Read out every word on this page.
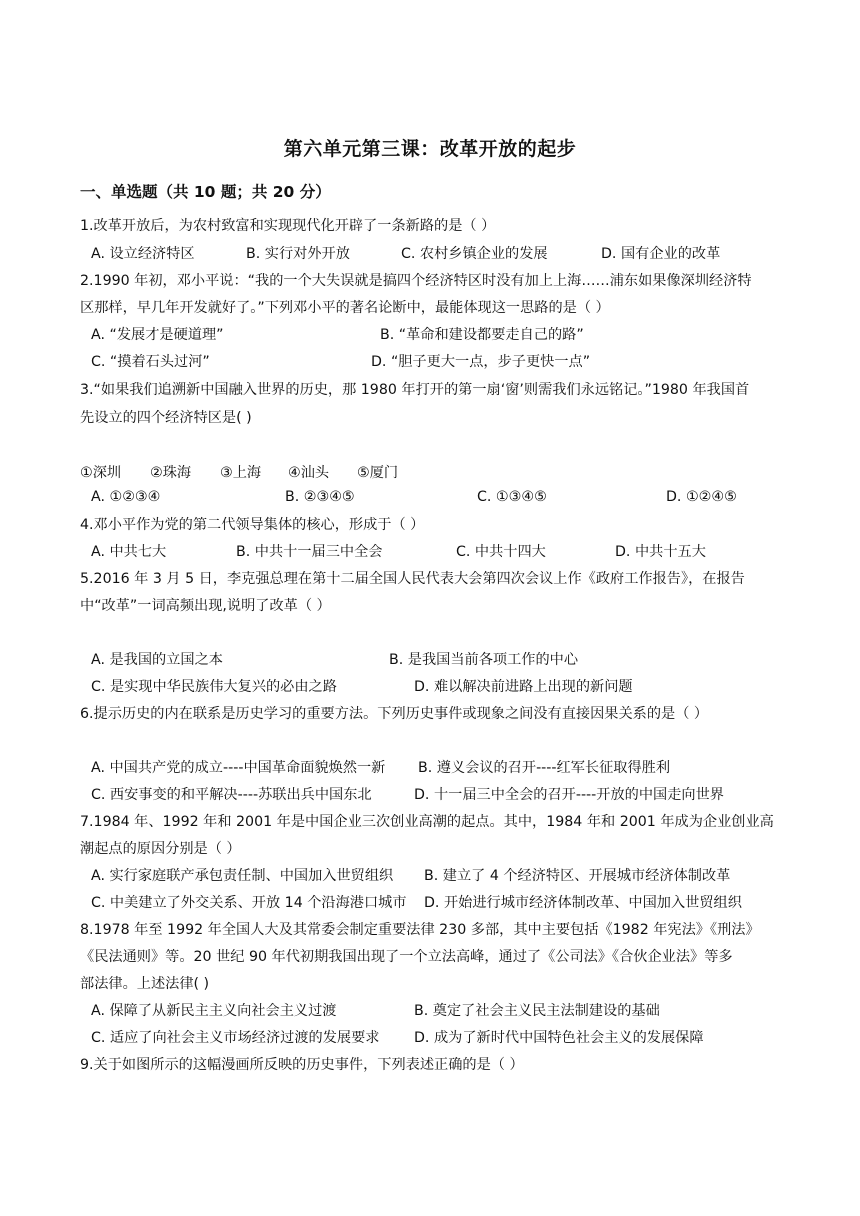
第六单元第三课：改革开放的起步
一、单选题（共 10 题；共 20 分）
1.改革开放后，为农村致富和实现现代化开辟了一条新路的是（ ）
A. 设立经济特区	B. 实行对外开放	C. 农村乡镇企业的发展	D. 国有企业的改革
2.1990 年初，邓小平说：“我的一个大失误就是搞四个经济特区时没有加上上海……浦东如果像深圳经济特
区那样，早几年开发就好了。”下列邓小平的著名论断中，最能体现这一思路的是（ ）
A. “发展才是硬道理”	B. “革命和建设都要走自己的路”
C. “摸着石头过河”	D. “胆子更大一点，步子更快一点”
3.“如果我们追溯新中国融入世界的历史，那 1980 年打开的第一扇‘窗’则需我们永远铭记。”1980 年我国首
先设立的四个经济特区是( )
①深圳 ②珠海 ③上海 ④汕头 ⑤厦门
A. ①②③④	B. ②③④⑤	C. ①③④⑤	D. ①②④⑤
4.邓小平作为党的第二代领导集体的核心，形成于（ ）
A. 中共七大	B. 中共十一届三中全会	C. 中共十四大	D. 中共十五大
5.2016 年 3 月 5 日，李克强总理在第十二届全国人民代表大会第四次会议上作《政府工作报告》，在报告
中“改革”一词高频出现,说明了改革（ ）
A. 是我国的立国之本	B. 是我国当前各项工作的中心
C. 是实现中华民族伟大复兴的必由之路	D. 难以解决前进路上出现的新问题
6.提示历史的内在联系是历史学习的重要方法。下列历史事件或现象之间没有直接因果关系的是（ ）
A. 中国共产党的成立----中国革命面貌焕然一新 B. 遵义会议的召开----红军长征取得胜利
C. 西安事变的和平解决----苏联出兵中国东北	D. 十一届三中全会的召开----开放的中国走向世界
7.1984 年、1992 年和 2001 年是中国企业三次创业高潮的起点。其中，1984 年和 2001 年成为企业创业高
潮起点的原因分别是（ ）
A. 实行家庭联产承包责任制、中国加入世贸组织 B. 建立了 4 个经济特区、开展城市经济体制改革
C. 中美建立了外交关系、开放 14 个沿海港口城市 D. 开始进行城市经济体制改革、中国加入世贸组织
8.1978 年至 1992 年全国人大及其常委会制定重要法律 230 多部，其中主要包括《1982 年宪法》《刑法》
《民法通则》等。20 世纪 90 年代初期我国出现了一个立法高峰，通过了《公司法》《合伙企业法》等多
部法律。上述法律( )
A. 保障了从新民主主义向社会主义过渡	B. 奠定了社会主义民主法制建设的基础
C. 适应了向社会主义市场经济过渡的发展要求 D. 成为了新时代中国特色社会主义的发展保障
9.关于如图所示的这幅漫画所反映的历史事件，下列表述正确的是（ ）
